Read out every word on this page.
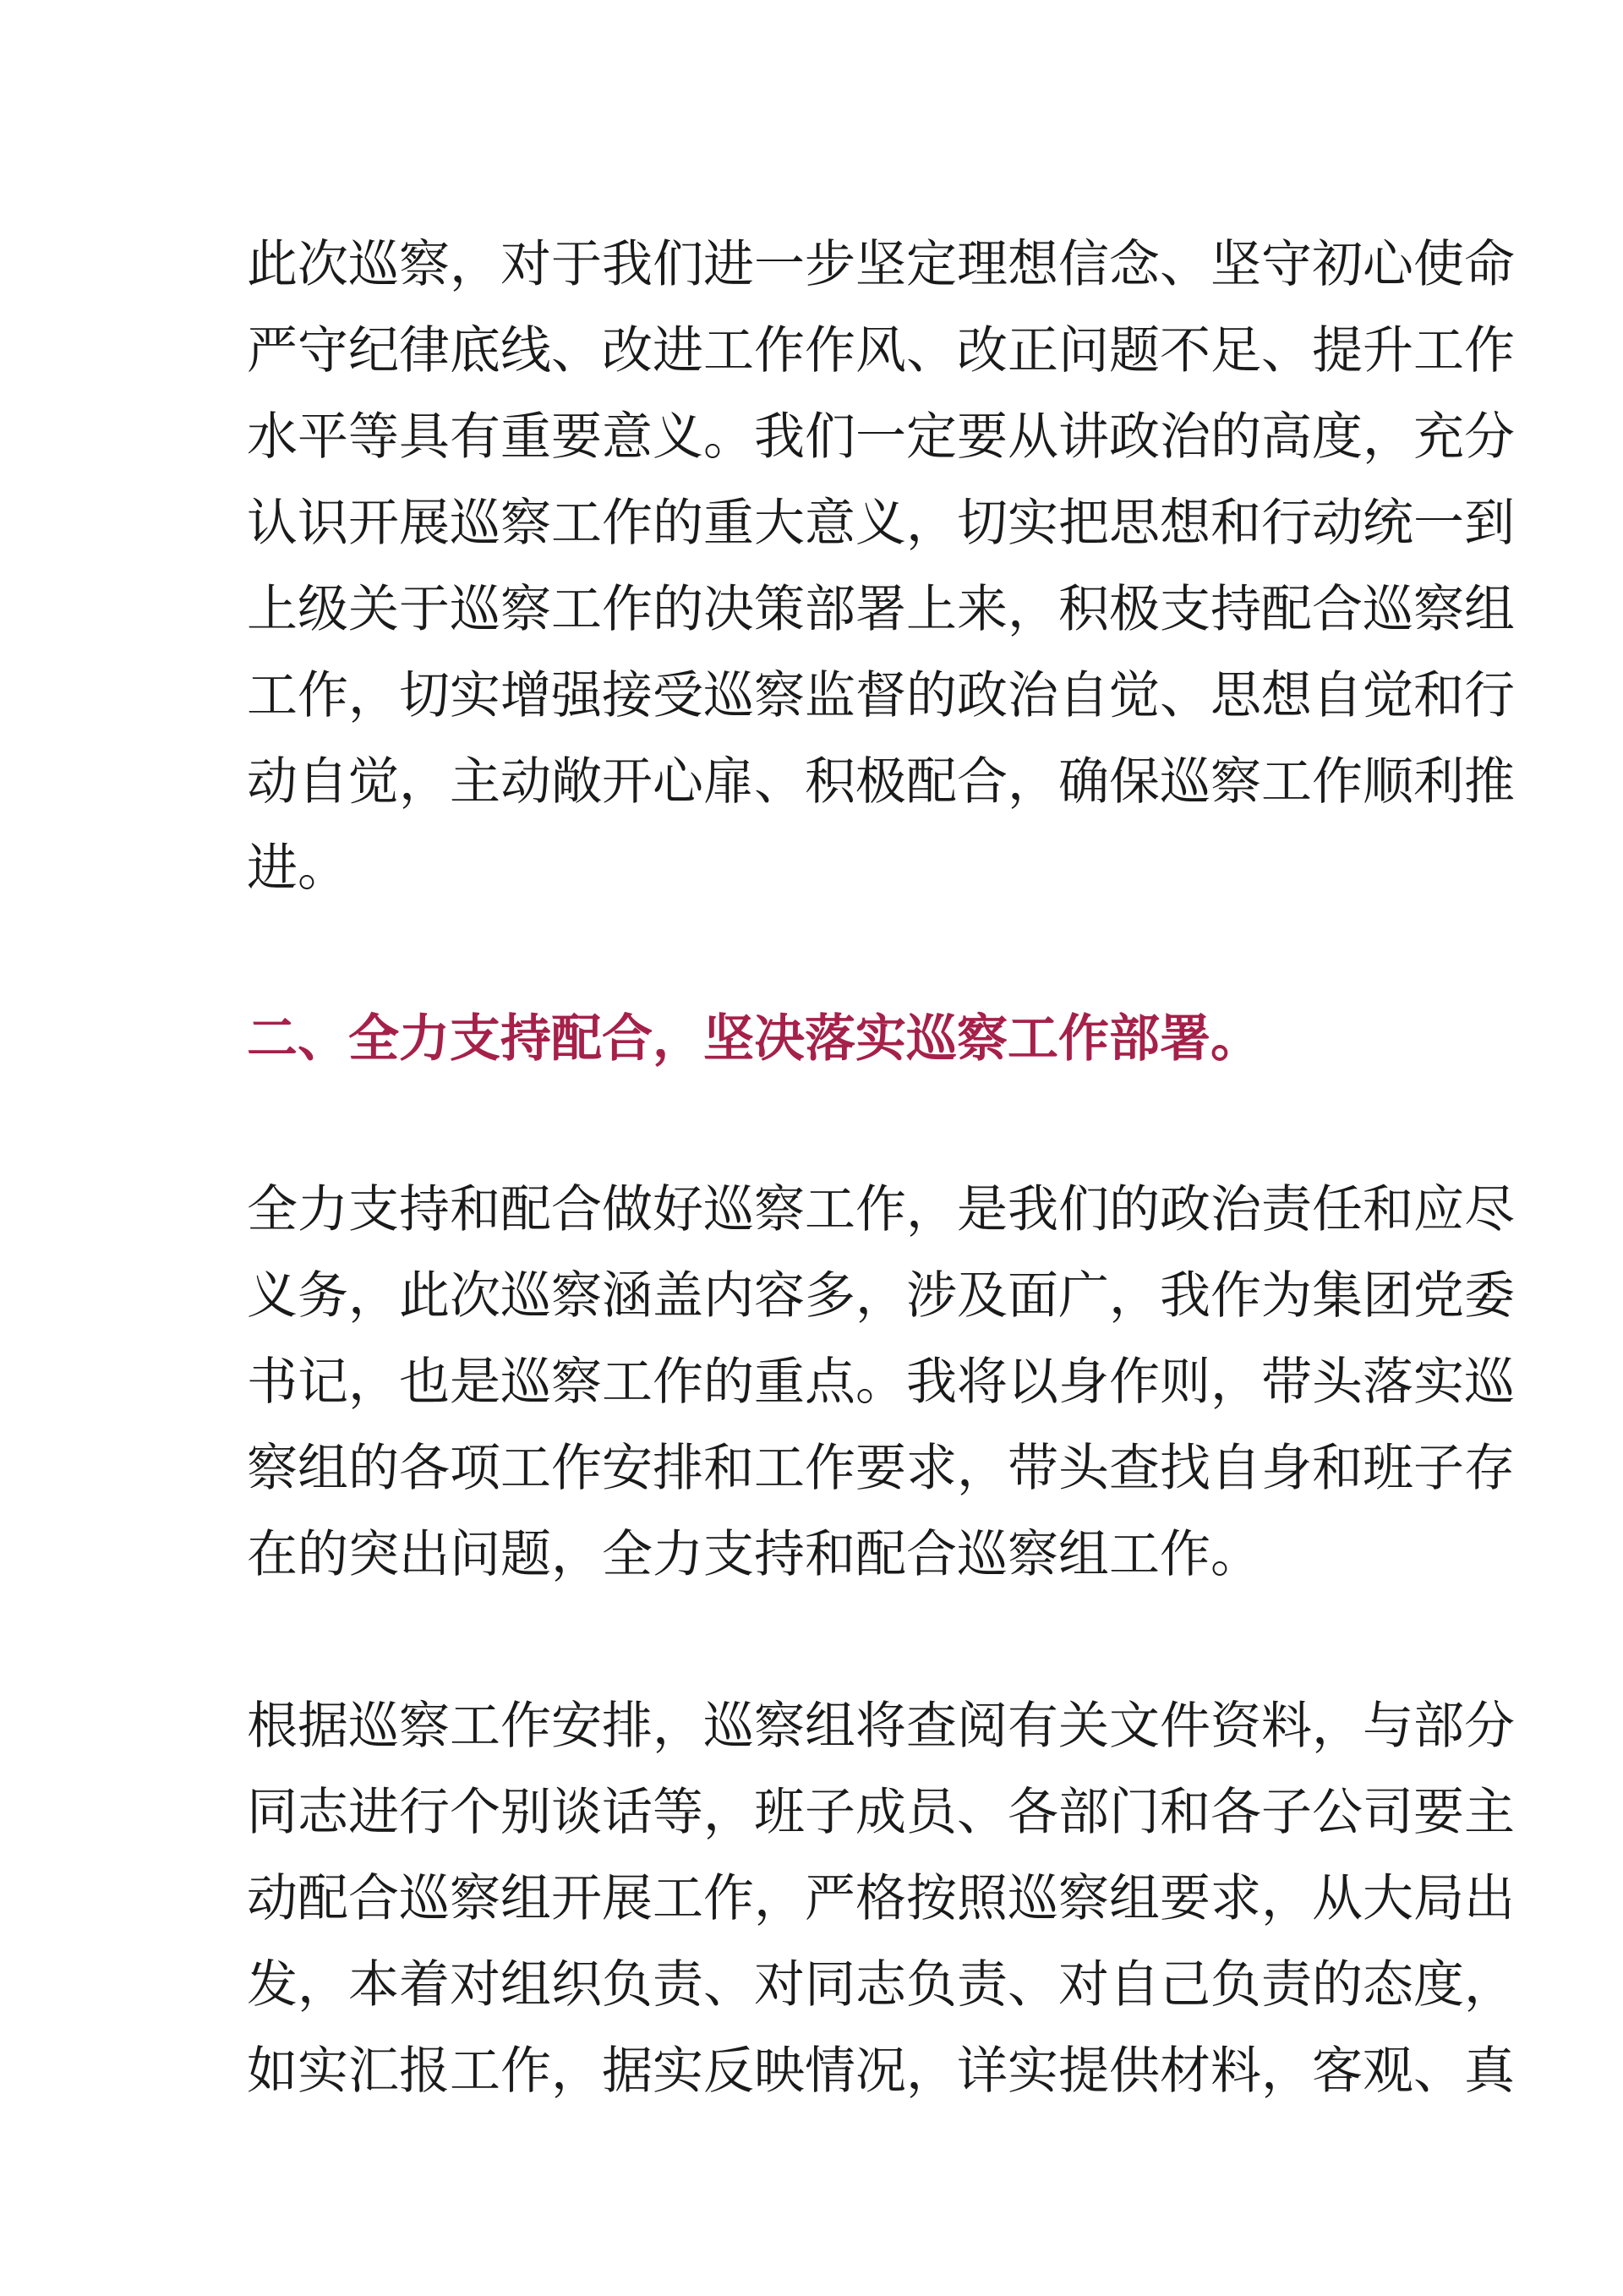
此次巡察，对于我们进一步坚定理想信念、坚守初心使命
严守纪律底线、改进工作作风、改正问题不足、提升工作
水平等具有重要意义。我们一定要从讲政治的高度，充分
认识开展巡察工作的重大意义，切实把思想和行动统一到
上级关于巡察工作的决策部署上来，积极支持配合巡察组
工作，切实增强接受巡察监督的政治自觉、思想自觉和行
动自觉，主动敞开心扉、积极配合，确保巡察工作顺利推
进。
二、全力支持配合，坚决落实巡察工作部署。
全力支持和配合做好巡察工作，是我们的政治责任和应尽
义务，此次巡察涵盖内容多，涉及面广，我作为集团党委
书记，也是巡察工作的重点。我将以身作则，带头落实巡
察组的各项工作安排和工作要求，带头查找自身和班子存
在的突出问题，全力支持和配合巡察组工作。
根据巡察工作安排，巡察组将查阅有关文件资料，与部分
同志进行个别谈话等，班子成员、各部门和各子公司要主
动配合巡察组开展工作，严格按照巡察组要求，从大局出
发，本着对组织负责、对同志负责、对自己负责的态度，
如实汇报工作，据实反映情况，详实提供材料，客观、真
